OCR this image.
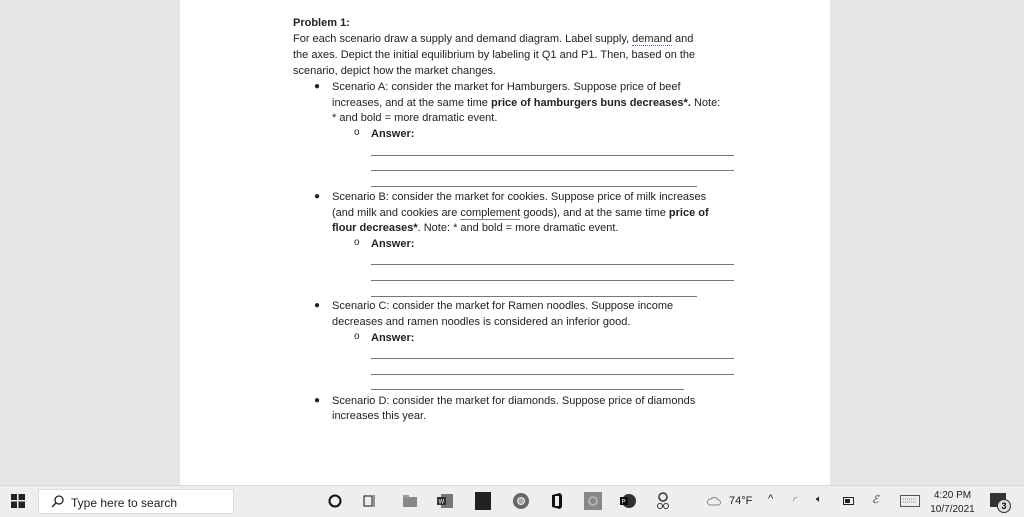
Problem 1:
For each scenario draw a supply and demand diagram. Label supply, demand and
the axes. Depict the initial equilibrium by labeling it Q1 and P1. Then, based on the
scenario, depict how the market changes.
● Scenario A: consider the market for Hamburgers. Suppose price of beef
increases, and at the same time price of hamburgers buns decreases*. Note:
* and bold = more dramatic event.
o Answer:
● Scenario B: consider the market for cookies. Suppose price of milk increases
(and milk and cookies are complement goods), and at the same time price of
flour decreases*. Note: * and bold = more dramatic event.
o Answer:
● Scenario C: consider the market for Ramen noodles. Suppose income
decreases and ramen noodles is considered an inferior good.
o Answer:
● Scenario D: consider the market for diamonds. Suppose price of diamonds
increases this year.
Type here to search	W	P	74°F ^ ◜ 🔈︎	ℰ	4:20 PM
10/7/2021	3
